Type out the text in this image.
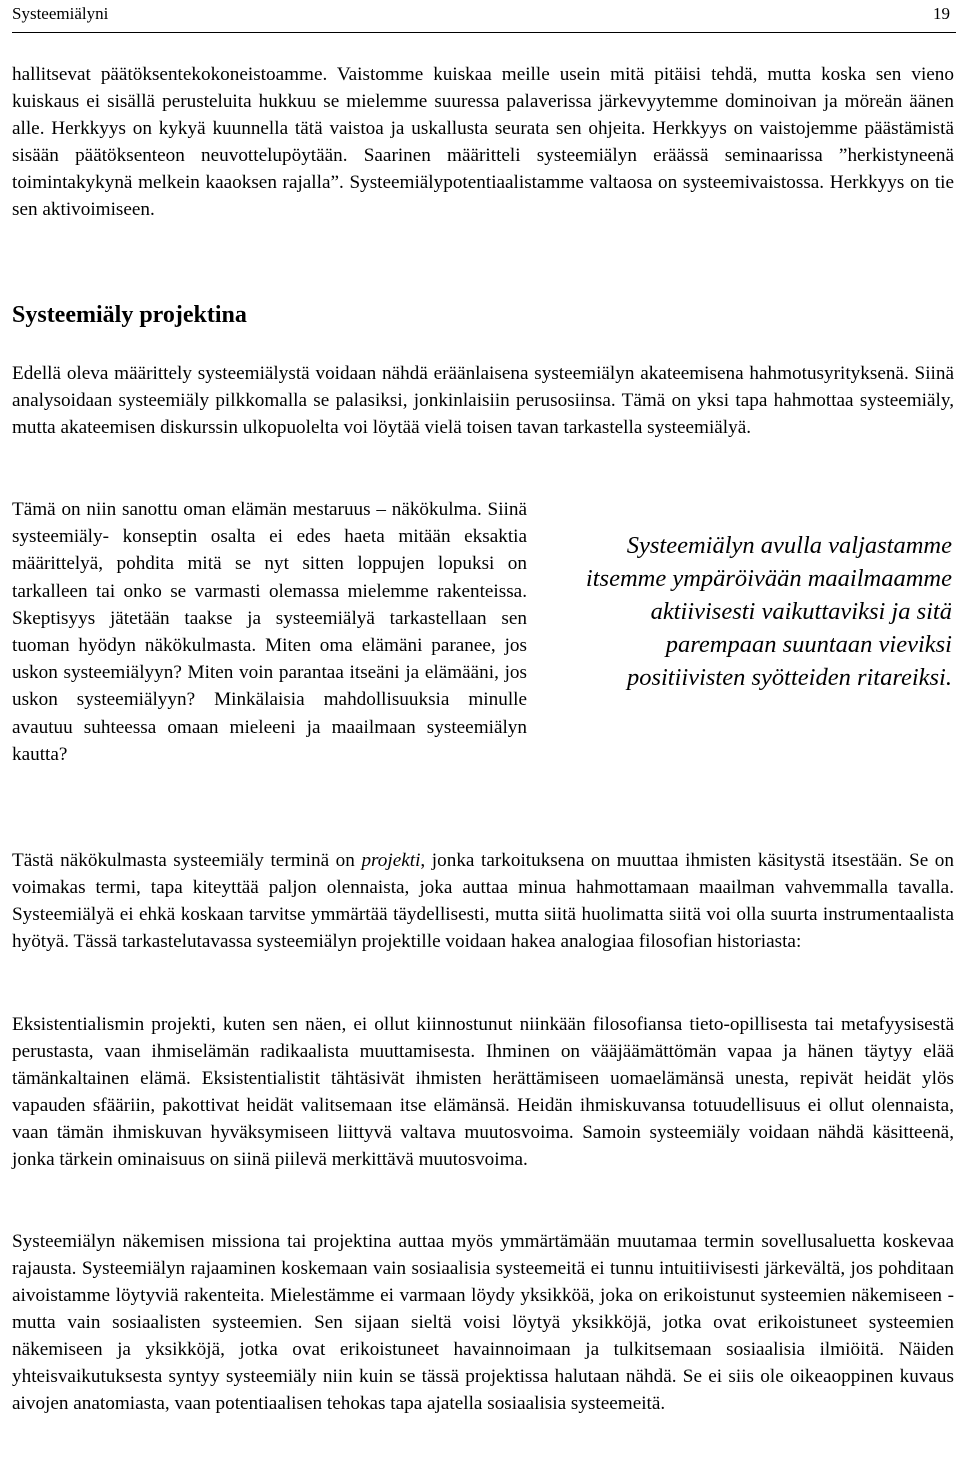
Systeemiälyni	19

hallitsevat päätöksentekokoneistoamme. Vaistomme kuiskaa meille usein mitä pitäisi tehdä, mutta koska sen vieno kuiskaus ei sisällä perusteluita hukkuu se mielemme suuressa palaverissa järkevyytemme dominoivan ja möreän äänen alle. Herkkyys on kykyä kuunnella tätä vaistoa ja uskallusta seurata sen ohjeita. Herkkyys on vaistojemme päästämistä sisään päätöksenteon neuvottelupöytään. Saarinen määritteli systeemiälyn eräässä seminaarissa ”herkistyneenä toimintakykynä melkein kaaoksen rajalla”. Systeemiälypotentiaalistamme valtaosa on systeemivaistossa. Herkkyys on tie sen aktivoimiseen.

Systeemiäly projektina

Edellä oleva määrittely systeemiälystä voidaan nähdä eräänlaisena systeemiälyn akateemisena hahmotusyrityksenä. Siinä analysoidaan systeemiäly pilkkomalla se palasiksi, jonkinlaisiin perusosiinsa. Tämä on yksi tapa hahmottaa systeemiäly, mutta akateemisen diskurssin ulkopuolelta voi löytää vielä toisen tavan tarkastella systeemiälyä.

Tämä on niin sanottu oman elämän mestaruus – näkökulma. Siinä systeemiäly- konseptin osalta ei edes haeta mitään eksaktia määrittelyä, pohdita mitä se nyt sitten loppujen lopuksi on tarkalleen tai onko se varmasti olemassa mielemme rakenteissa. Skeptisyys jätetään taakse ja systeemiälyä tarkastellaan sen tuoman hyödyn näkökulmasta. Miten oma elämäni paranee, jos uskon systeemiälyyn? Miten voin parantaa itseäni ja elämääni, jos uskon systeemiälyyn? Minkälaisia mahdollisuuksia minulle avautuu suhteessa omaan mieleeni ja maailmaan systeemiälyn kautta?

Systeemiälyn avulla valjastamme itsemme ympäröivään maailmaamme aktiivisesti vaikuttaviksi ja sitä parempaan suuntaan vieviksi positiivisten syötteiden ritareiksi.

Tästä näkökulmasta systeemiäly terminä on projekti, jonka tarkoituksena on muuttaa ihmisten käsitystä itsestään. Se on voimakas termi, tapa kiteyttää paljon olennaista, joka auttaa minua hahmottamaan maailman vahvemmalla tavalla. Systeemiälyä ei ehkä koskaan tarvitse ymmärtää täydellisesti, mutta siitä huolimatta siitä voi olla suurta instrumentaalista hyötyä. Tässä tarkastelutavassa systeemiälyn projektille voidaan hakea analogiaa filosofian historiasta:

Eksistentialismin projekti, kuten sen näen, ei ollut kiinnostunut niinkään filosofiansa tieto-opillisesta tai metafyysisestä perustasta, vaan ihmiselämän radikaalista muuttamisesta. Ihminen on vääjäämättömän vapaa ja hänen täytyy elää tämänkaltainen elämä. Eksistentialistit tähtäsivät ihmisten herättämiseen uomaelämänsä unesta, repivät heidät ylös vapauden sfääriin, pakottivat heidät valitsemaan itse elämänsä. Heidän ihmiskuvansa totuudellisuus ei ollut olennaista, vaan tämän ihmiskuvan hyväksymiseen liittyvä valtava muutosvoima. Samoin systeemiäly voidaan nähdä käsitteenä, jonka tärkein ominaisuus on siinä piilevä merkittävä muutosvoima.

Systeemiälyn näkemisen missiona tai projektina auttaa myös ymmärtämään muutamaa termin sovellusaluetta koskevaa rajausta. Systeemiälyn rajaaminen koskemaan vain sosiaalisia systeemeitä ei tunnu intuitiivisesti järkevältä, jos pohditaan aivoistamme löytyviä rakenteita. Mielestämme ei varmaan löydy yksikköä, joka on erikoistunut systeemien näkemiseen - mutta vain sosiaalisten systeemien. Sen sijaan sieltä voisi löytyä yksikköjä, jotka ovat erikoistuneet systeemien näkemiseen ja yksikköjä, jotka ovat erikoistuneet havainnoimaan ja tulkitsemaan sosiaalisia ilmiöitä. Näiden yhteisvaikutuksesta syntyy systeemiäly niin kuin se tässä projektissa halutaan nähdä. Se ei siis ole oikeaoppinen kuvaus aivojen anatomiasta, vaan potentiaalisen tehokas tapa ajatella sosiaalisia systeemeitä.
